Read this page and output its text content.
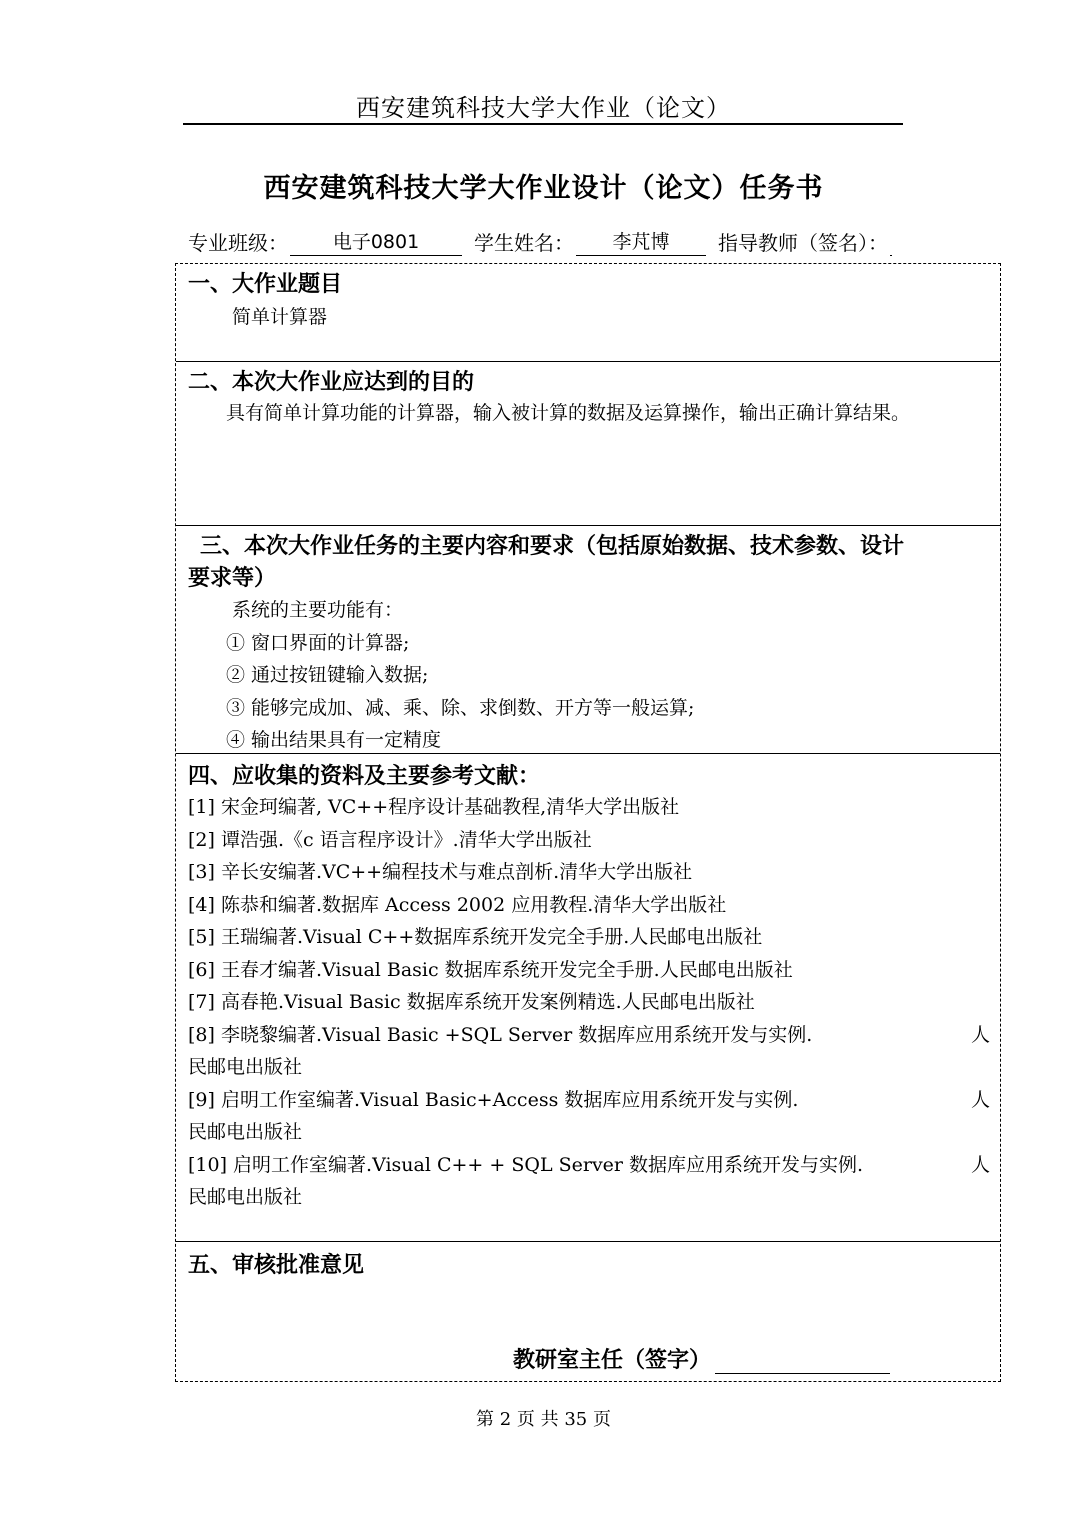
西安建筑科技大学大作业（论文）
西安建筑科技大学大作业设计（论文）任务书
专业班级：	电子0801	学生姓名：	李芃博	指导教师（签名）：
一、大作业题目
简单计算器
二、本次大作业应达到的目的
具有简单计算功能的计算器，输入被计算的数据及运算操作，输出正确计算结果。
三、本次大作业任务的主要内容和要求（包括原始数据、技术参数、设计
要求等）
系统的主要功能有：
① 窗口界面的计算器;
② 通过按钮键输入数据;
③ 能够完成加、减、乘、除、求倒数、开方等一般运算;
④ 输出结果具有一定精度
四、应收集的资料及主要参考文献：
[1] 宋金珂编著, VC++程序设计基础教程,清华大学出版社
[2] 谭浩强.《c 语言程序设计》.清华大学出版社
[3] 辛长安编著.VC++编程技术与难点剖析.清华大学出版社
[4] 陈恭和编著.数据库 Access 2002 应用教程.清华大学出版社
[5] 王瑞编著.Visual C++数据库系统开发完全手册.人民邮电出版社
[6] 王春才编著.Visual Basic 数据库系统开发完全手册.人民邮电出版社
[7] 高春艳.Visual Basic 数据库系统开发案例精选.人民邮电出版社
[8] 李晓黎编著.Visual Basic +SQL Server 数据库应用系统开发与实例.	人
民邮电出版社
[9] 启明工作室编著.Visual Basic+Access 数据库应用系统开发与实例.	人
民邮电出版社
[10] 启明工作室编著.Visual C++ + SQL Server 数据库应用系统开发与实例.	人
民邮电出版社
五、审核批准意见
教研室主任（签字）
第 2 页 共 35 页
